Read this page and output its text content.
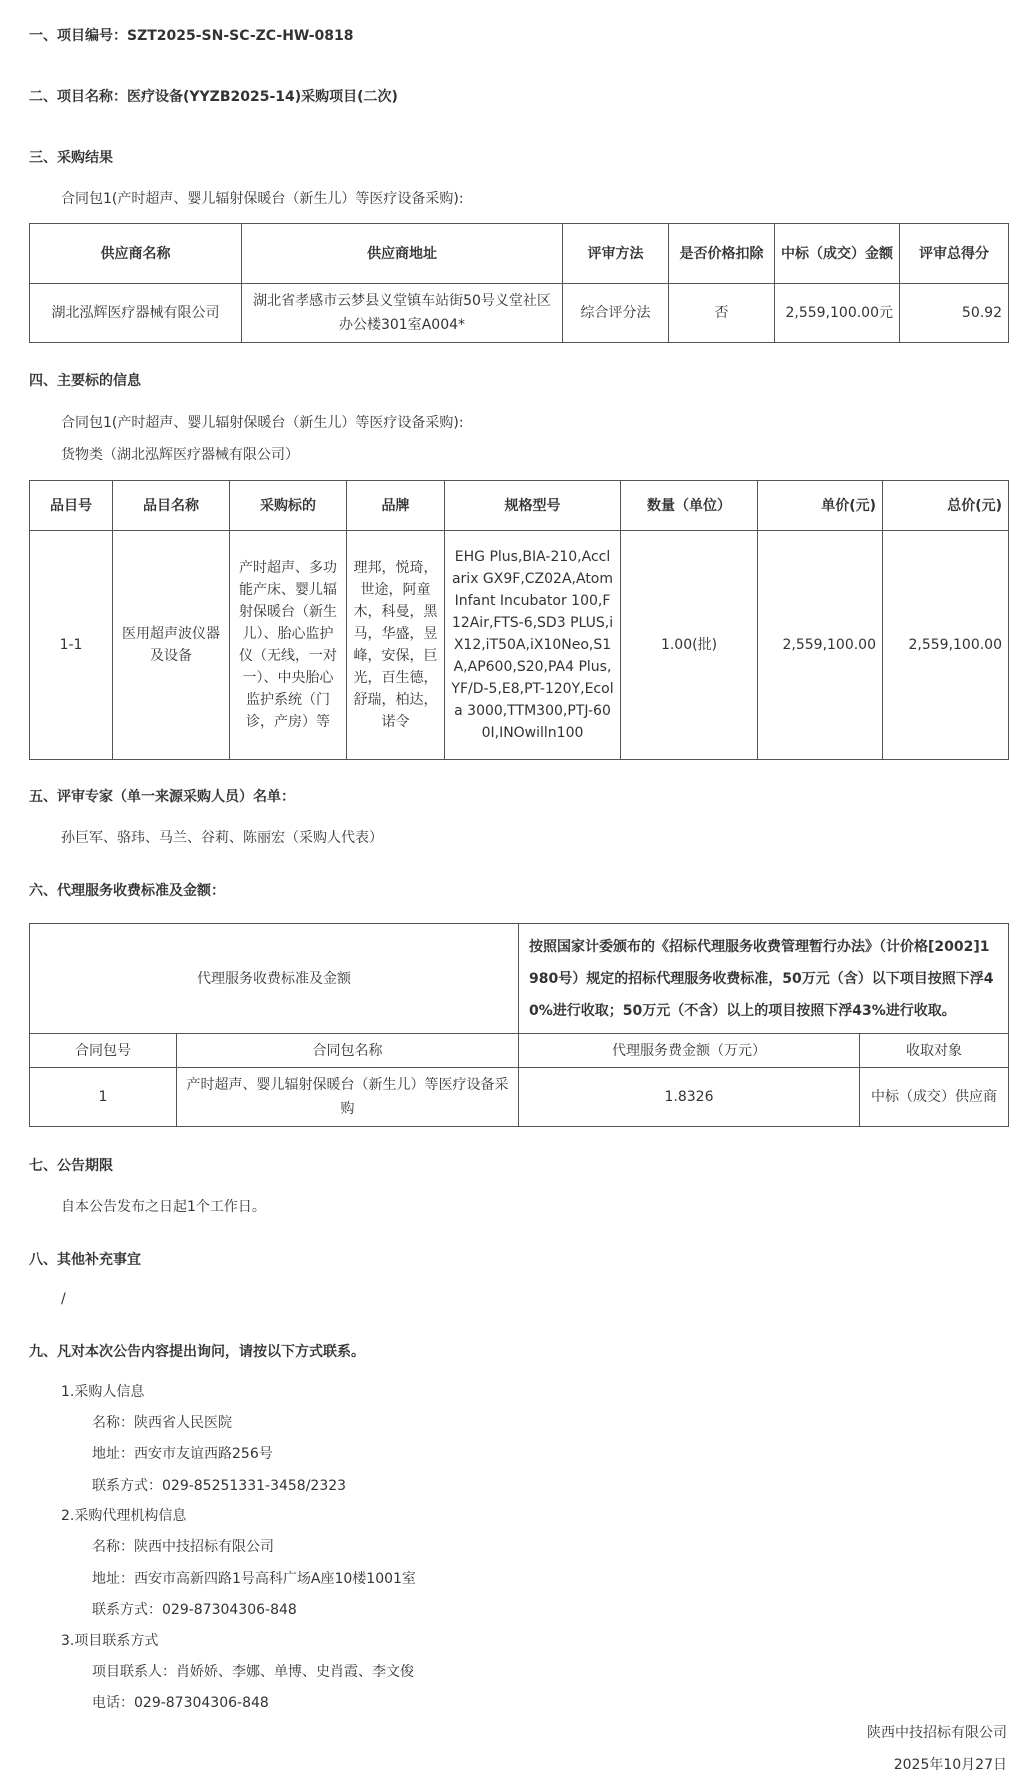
一、项目编号：SZT2025-SN-SC-ZC-HW-0818
二、项目名称：医疗设备(YYZB2025-14)采购项目(二次)
三、采购结果
合同包1(产时超声、婴儿辐射保暖台（新生儿）等医疗设备采购):
供应商名称	供应商地址	评审方法	是否价格扣除	中标（成交）金额	评审总得分
湖北泓辉医疗器械有限公司	湖北省孝感市云梦县义堂镇车站街50号义堂社区办公楼301室A004*	综合评分法	否	2,559,100.00元	50.92
四、主要标的信息
合同包1(产时超声、婴儿辐射保暖台（新生儿）等医疗设备采购):
货物类（湖北泓辉医疗器械有限公司）
品目号	品目名称	采购标的	品牌	规格型号	数量（单位）	单价(元)	总价(元)
1-1	医用超声波仪器及设备	产时超声、多功能产床、婴儿辐射保暖台（新生儿）、胎心监护仪（无线，一对一）、中央胎心监护系统（门诊，产房）等	理邦，悦琦，世途，阿童木，科曼，黑马，华盛，昱峰，安保，巨光，百生德，舒瑞，柏达，诺令	EHG Plus,BIA-210,Acclarix GX9F,CZ02A,Atom Infant Incubator 100,F12Air,FTS-6,SD3 PLUS,iX12,iT50A,iX10Neo,S1A,AP600,S20,PA4 Plus,YF/D-5,E8,PT-120Y,Ecola 3000,TTM300,PTJ-600I,INOwilln100	1.00(批)	2,559,100.00	2,559,100.00
五、评审专家（单一来源采购人员）名单：
孙巨军、骆玮、马兰、谷莉、陈丽宏（采购人代表）
六、代理服务收费标准及金额：
代理服务收费标准及金额		按照国家计委颁布的《招标代理服务收费管理暂行办法》（计价格[2002]1980号）规定的招标代理服务收费标准，50万元（含）以下项目按照下浮40%进行收取；50万元（不含）以上的项目按照下浮43%进行收取。	
合同包号	合同包名称	代理服务费金额（万元）	收取对象
1	产时超声、婴儿辐射保暖台（新生儿）等医疗设备采购	1.8326	中标（成交）供应商
七、公告期限
自本公告发布之日起1个工作日。
八、其他补充事宜
/
九、凡对本次公告内容提出询问，请按以下方式联系。
1.采购人信息
名称：陕西省人民医院
地址：西安市友谊西路256号
联系方式：029-85251331-3458/2323
2.采购代理机构信息
名称：陕西中技招标有限公司
地址：西安市高新四路1号高科广场A座10楼1001室
联系方式：029-87304306-848
3.项目联系方式
项目联系人：肖娇娇、李娜、单博、史肖霞、李文俊
电话：029-87304306-848
陕西中技招标有限公司
2025年10月27日
